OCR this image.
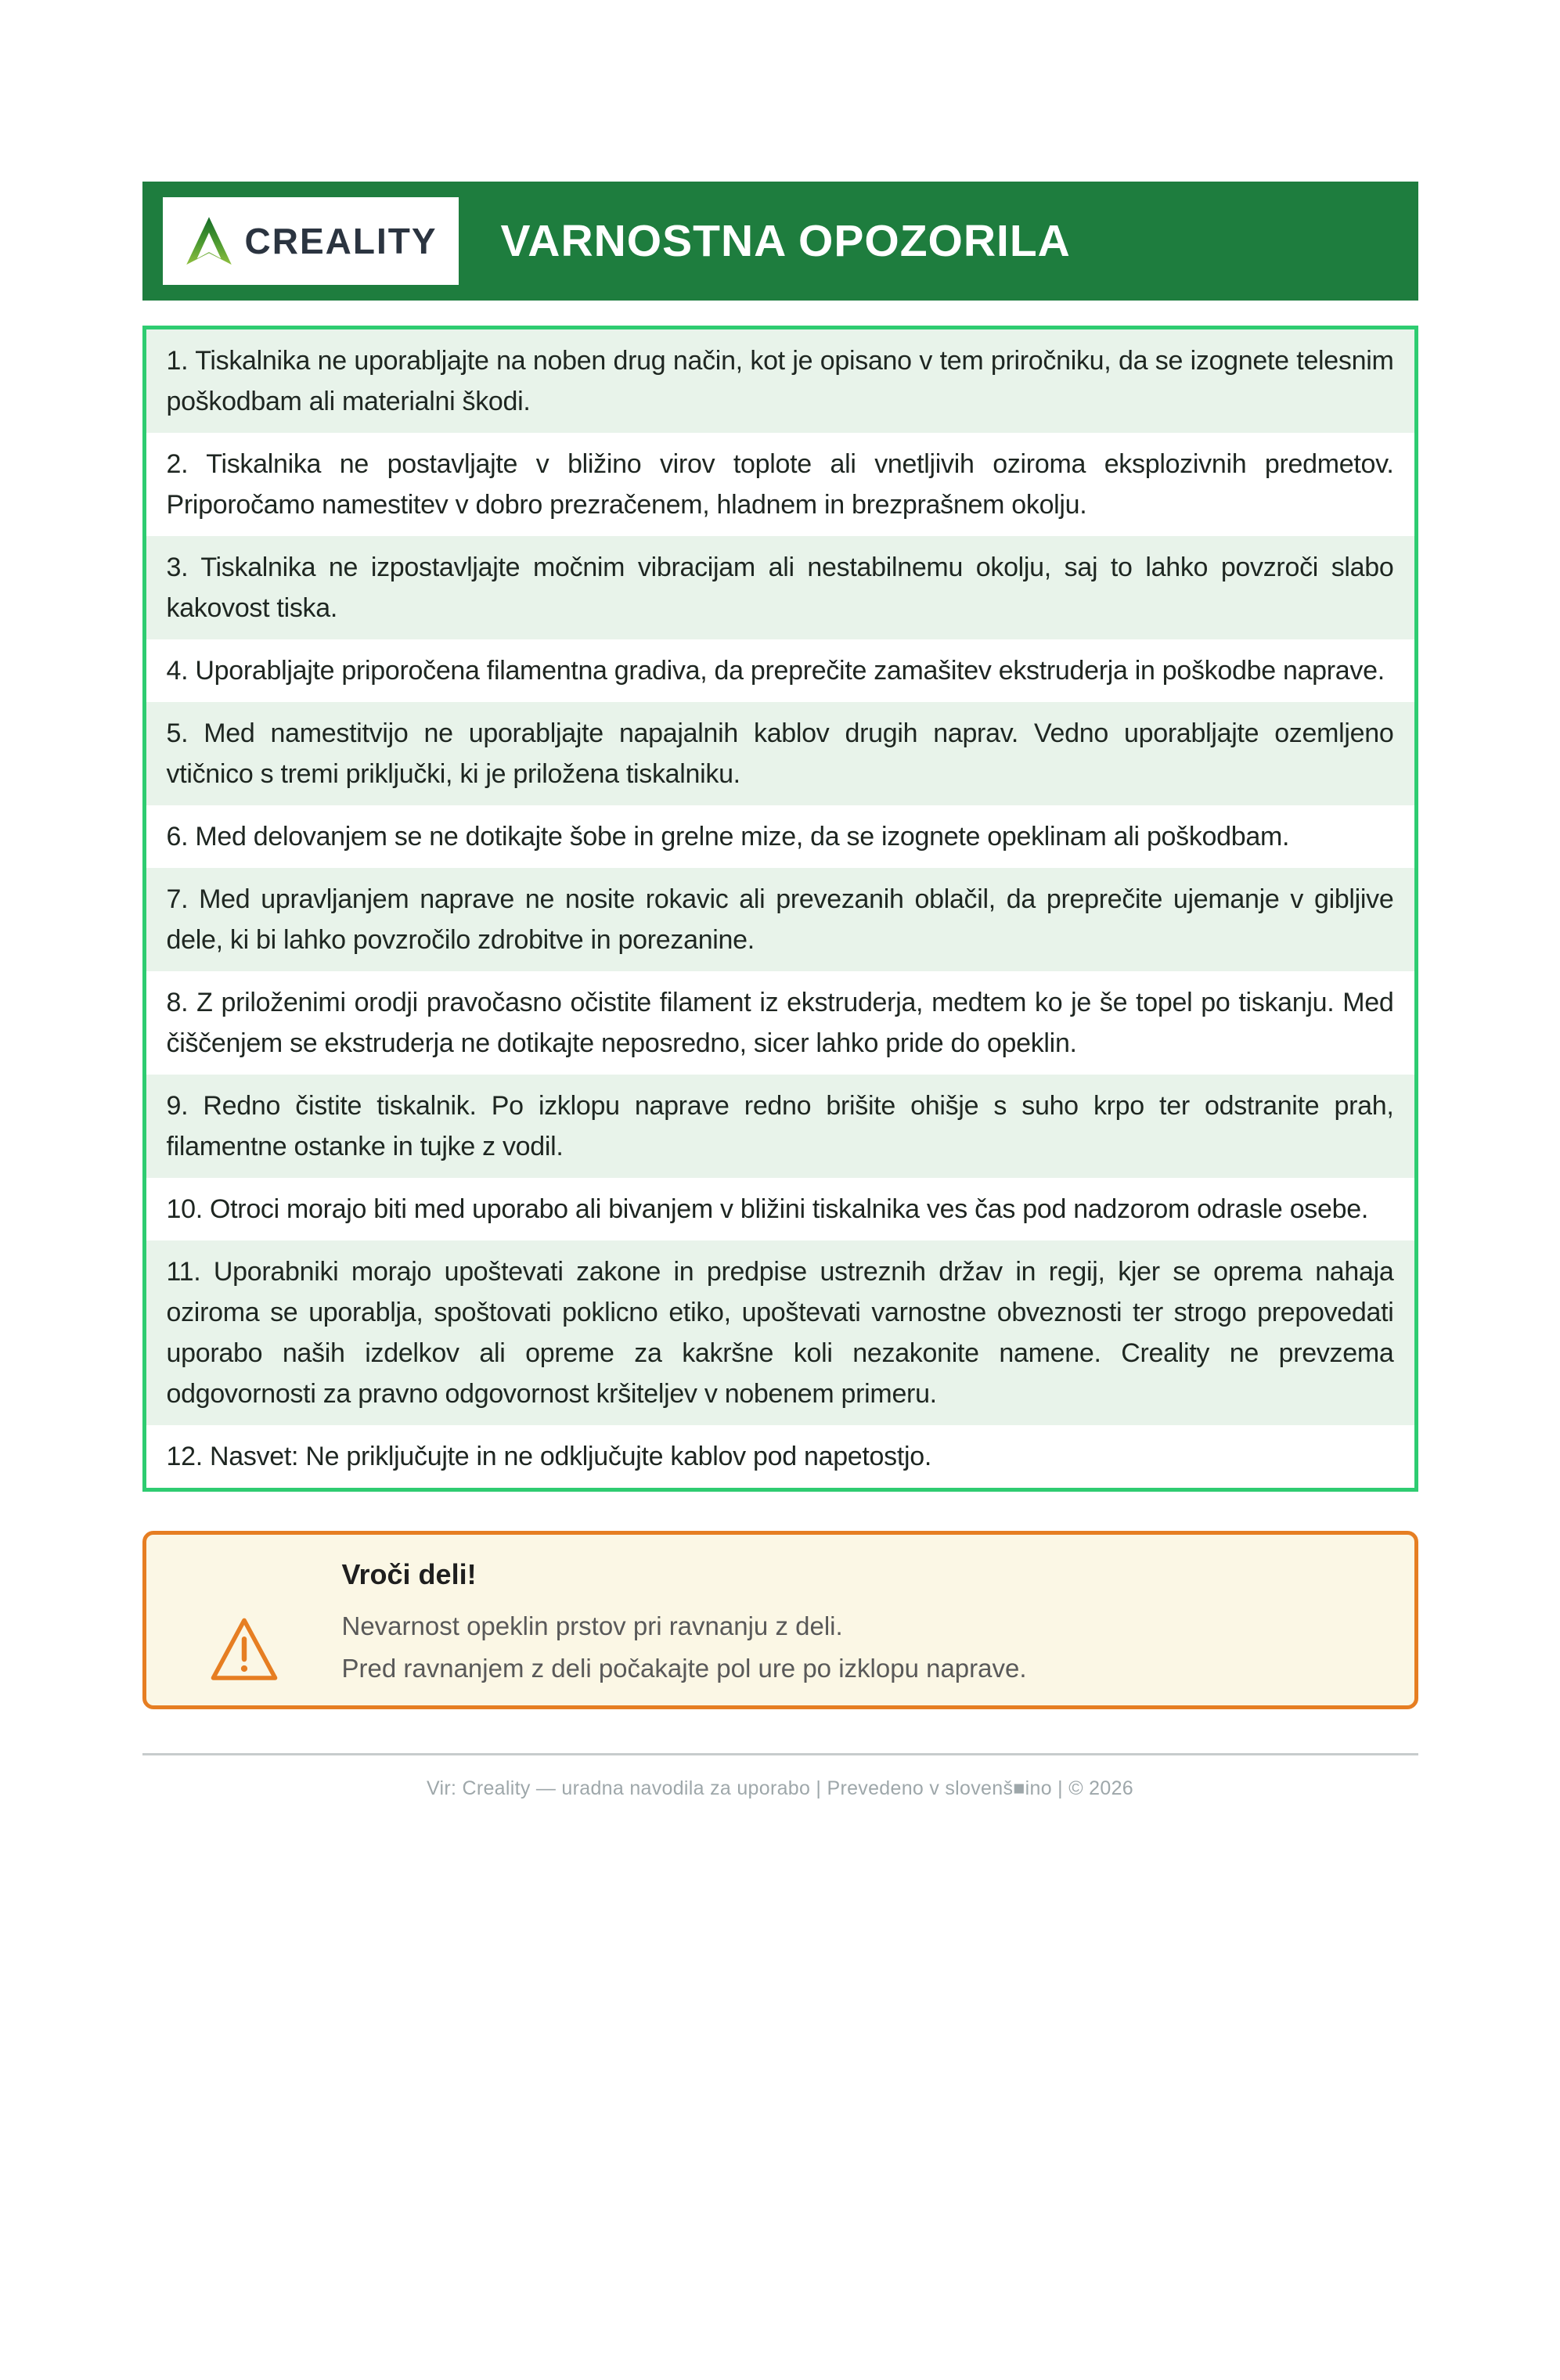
CREALITY VARNOSTNA OPOZORILA
1. Tiskalnika ne uporabljajte na noben drug način, kot je opisano v tem priročniku, da se izognete telesnim poškodbam ali materialni škodi.
2. Tiskalnika ne postavljajte v bližino virov toplote ali vnetljivih oziroma eksplozivnih predmetov. Priporočamo namestitev v dobro prezračenem, hladnem in brezprašnem okolju.
3. Tiskalnika ne izpostavljajte močnim vibracijam ali nestabilnemu okolju, saj to lahko povzroči slabo kakovost tiska.
4. Uporabljajte priporočena filamentna gradiva, da preprečite zamašitev ekstruderja in poškodbe naprave.
5. Med namestitvijo ne uporabljajte napajalnih kablov drugih naprav. Vedno uporabljajte ozemljeno vtičnico s tremi priključki, ki je priložena tiskalniku.
6. Med delovanjem se ne dotikajte šobe in grelne mize, da se izognete opeklinam ali poškodbam.
7. Med upravljanjem naprave ne nosite rokavic ali prevezanih oblačil, da preprečite ujemanje v gibljive dele, ki bi lahko povzročilo zdrobitve in porezanine.
8. Z priloženimi orodji pravočasno očistite filament iz ekstruderja, medtem ko je še topel po tiskanju. Med čiščenjem se ekstruderja ne dotikajte neposredno, sicer lahko pride do opeklin.
9. Redno čistite tiskalnik. Po izklopu naprave redno brišite ohišje s suho krpo ter odstranite prah, filamentne ostanke in tujke z vodil.
10. Otroci morajo biti med uporabo ali bivanjem v bližini tiskalnika ves čas pod nadzorom odrasle osebe.
11. Uporabniki morajo upoštevati zakone in predpise ustreznih držav in regij, kjer se oprema nahaja oziroma se uporablja, spoštovati poklicno etiko, upoštevati varnostne obveznosti ter strogo prepovedati uporabo naših izdelkov ali opreme za kakršne koli nezakonite namene. Creality ne prevzema odgovornosti za pravno odgovornost kršiteljev v nobenem primeru.
12. Nasvet: Ne priključujte in ne odključujte kablov pod napetostjo.
Vroči deli!
Nevarnost opeklin prstov pri ravnanju z deli.
Pred ravnanjem z deli počakajte pol ure po izklopu naprave.
Vir: Creality — uradna navodila za uporabo | Prevedeno v slovenš■ino | © 2026
